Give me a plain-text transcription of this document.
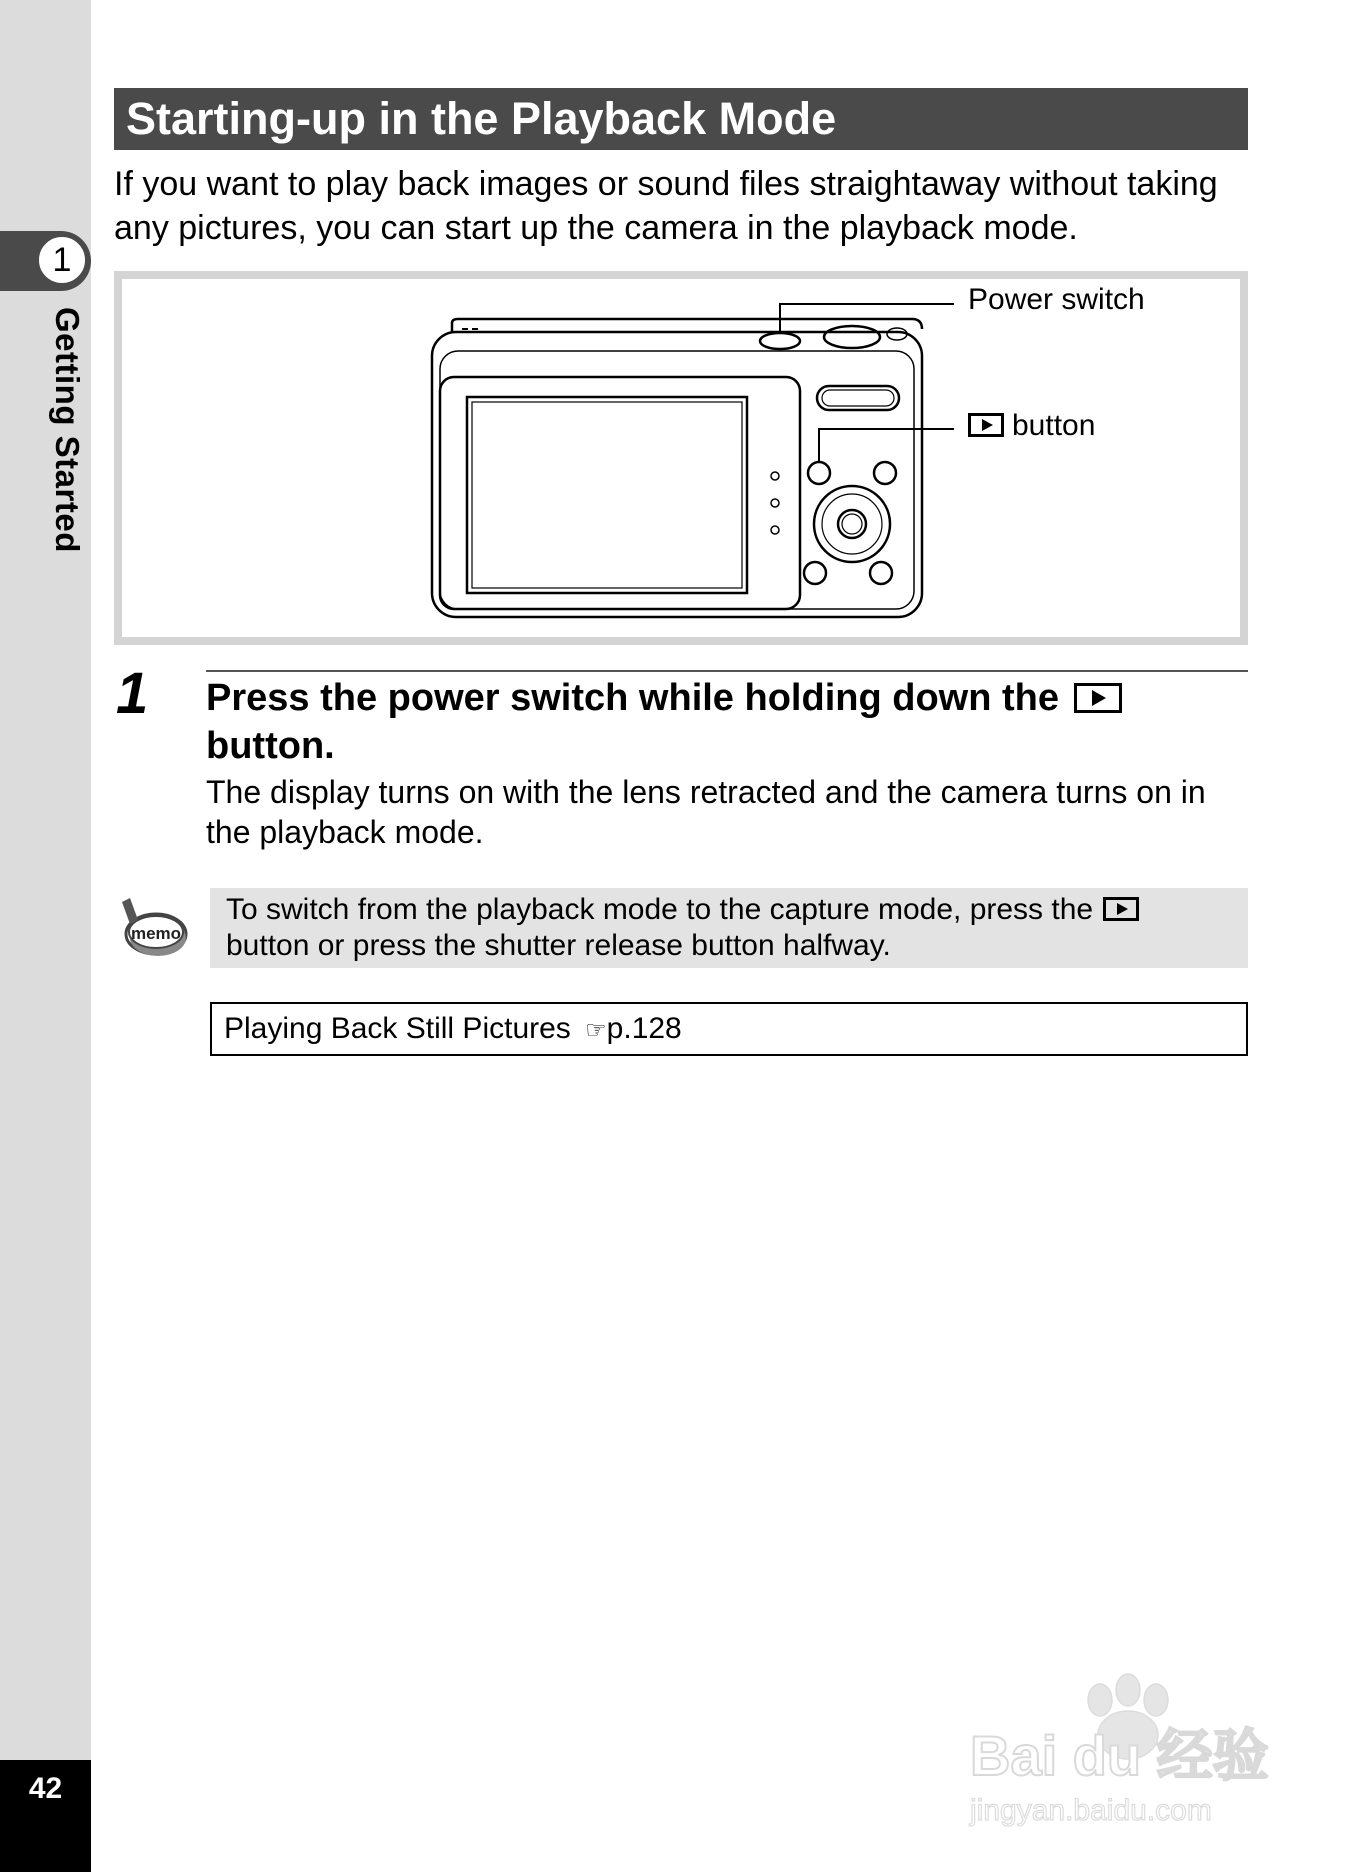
1
Getting Started
42
Starting-up in the Playback Mode
If you want to play back images or sound files straightaway without taking any pictures, you can start up the camera in the playback mode.
Power switch
button
1 Press the power switch while holding down the
button.
The display turns on with the lens retracted and the camera turns on in the playback mode.
memo
To switch from the playback mode to the capture mode, press the
button or press the shutter release button halfway.
Playing Back Still Pictures ☞p.128
Bai du 经验
jingyan.baidu.com
